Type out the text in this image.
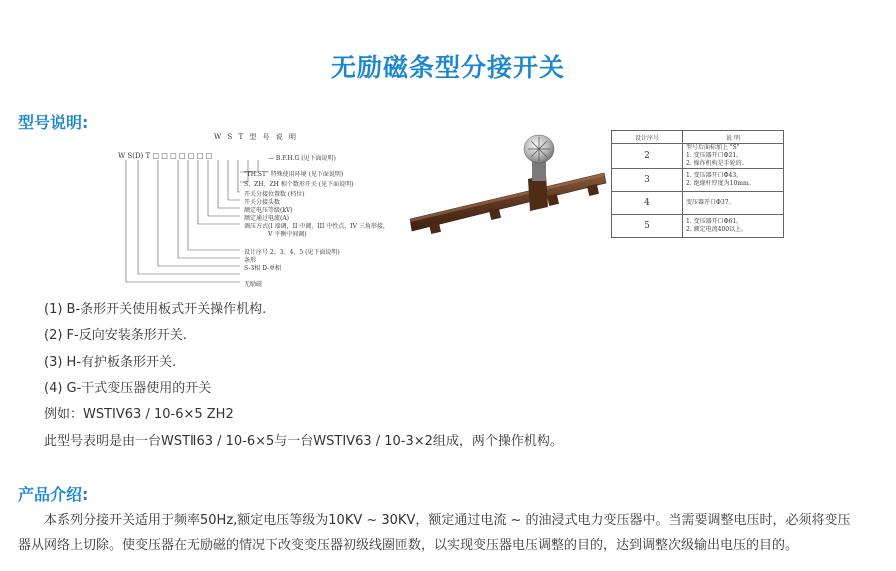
无励磁条型分接开关
型号说明:
W S T 型 号 说 明
W S(D) T □ □ □ □ □ □ □	— B.F.H.G (见下面说明)
"TH.ST" 特殊使用环境 (见下面说明)
S、ZH、ZH 相个数形开关 (见下面说明)
开关分接位置数 (档位)
开关分接头数
额定电压等级(kV)
额定通过电流(A)
调压方式(I 端调，II 中调，III 中性点，IV 三角形接，
V 平衡中间调)
设计序号 2、3、4、5 (见下面说明)
条形
S-3相 D-单相
无励磁
设计序号	说 明
2	型号后面标加上 "S"
1. 变压器开口Φ21。
2. 操作机构是手轮的。

3	1. 变压器开口Φ43。
2. 绝缘杆厚度为10mm。

4	变压器开口Φ37。

5	1. 变压器开口Φ61。
2. 额定电流400以上。
(1) B-条形开关使用板式开关操作机构.
(2) F-反向安装条形开关.
(3) H-有护板条形开关.
(4) G-干式变压器使用的开关
例如：WSTIV63 / 10-6×5 ZH2
此型号表明是由一台WSTⅡ63 / 10-6×5与一台WSTIV63 / 10-3×2组成，两个操作机构。
产品介绍:
本系列分接开关适用于频率50Hz,额定电压等级为10KV ~ 30KV，额定通过电流 ~ 的油浸式电力变压器中。当需要调整电压时，必须将变压器从网络上切除。使变压器在无励磁的情况下改变变压器初级线圈匝数，以实现变压器电压调整的目的，达到调整次级输出电压的目的。
